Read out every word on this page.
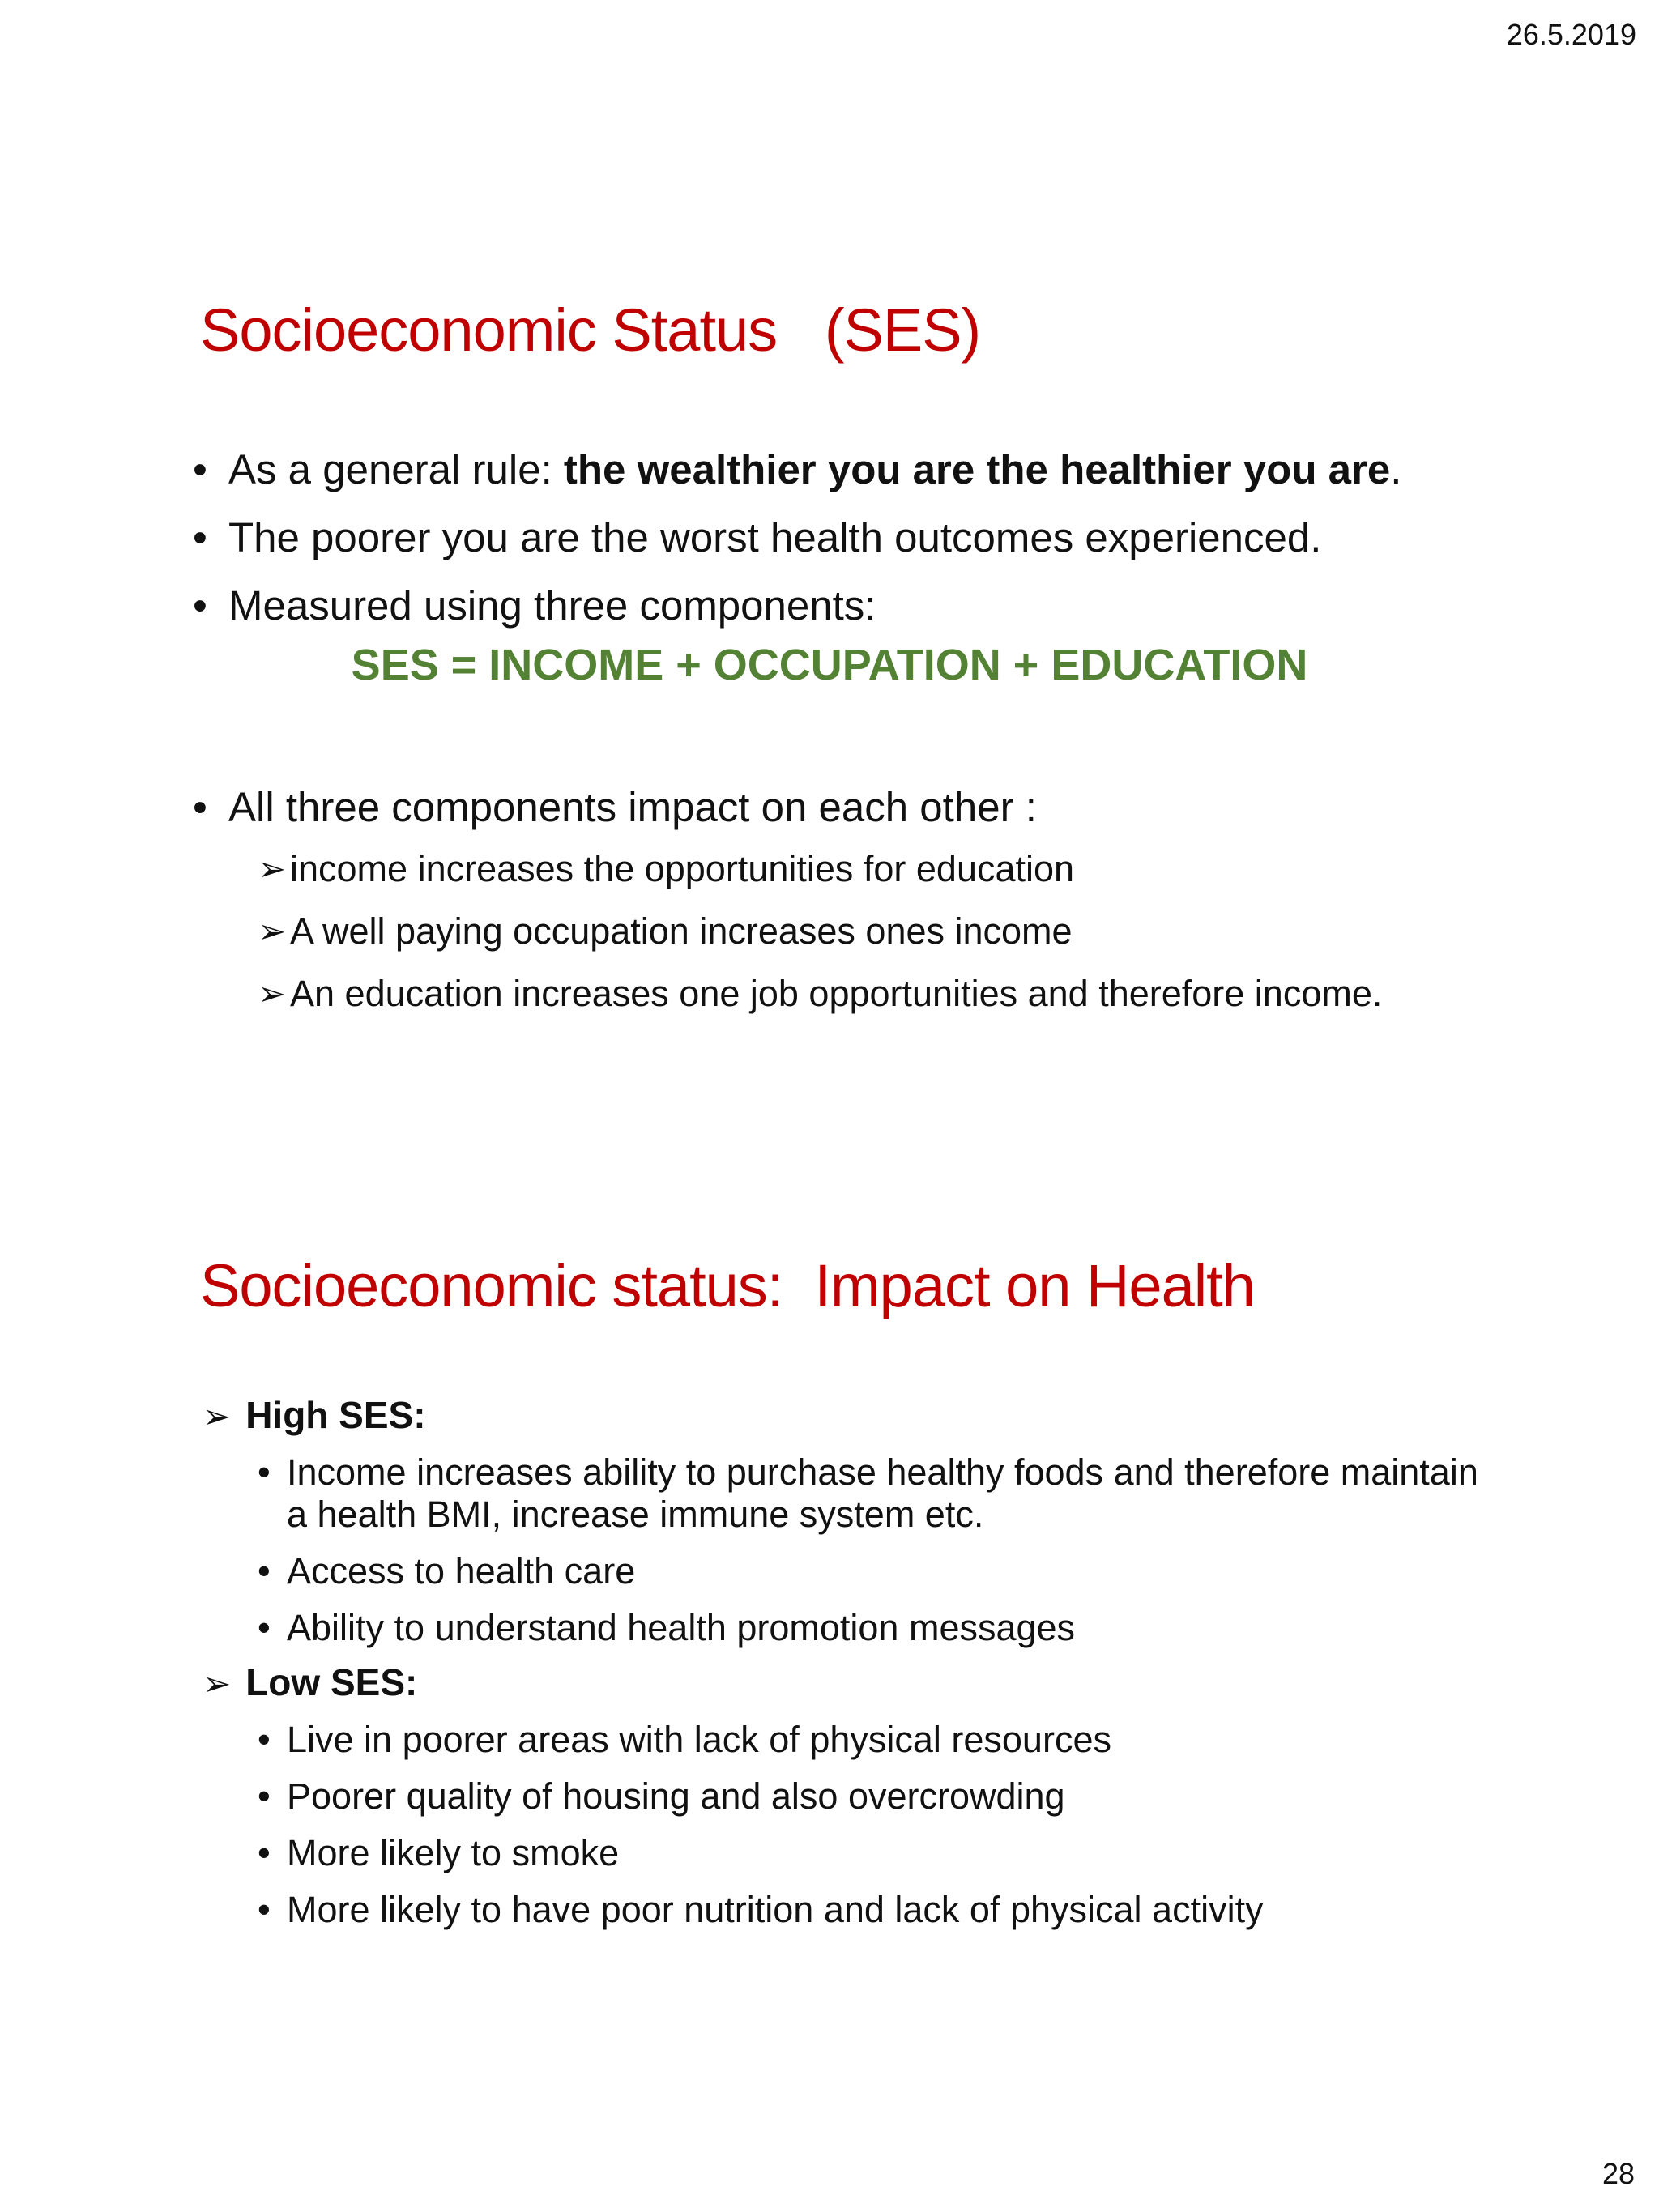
26.5.2019
Socioeconomic Status   (SES)
• As a general rule: the wealthier you are the healthier you are.
• The poorer you are the worst health outcomes experienced.
• Measured using three components:

SES = INCOME + OCCUPATION + EDUCATION

• All three components impact on each other :
➢ income increases the opportunities for education
➢ A well paying occupation increases ones income
➢ An education increases one job opportunities and therefore income.
Socioeconomic status:  Impact on Health
➢ High SES:
• Income increases ability to purchase healthy foods and therefore maintain a health BMI, increase immune system etc.
• Access to health care
• Ability to understand health promotion messages
➢ Low SES:
• Live in poorer areas with lack of physical resources
• Poorer quality of housing and also overcrowding
• More likely to smoke
• More likely to have poor nutrition and lack of physical activity
28
